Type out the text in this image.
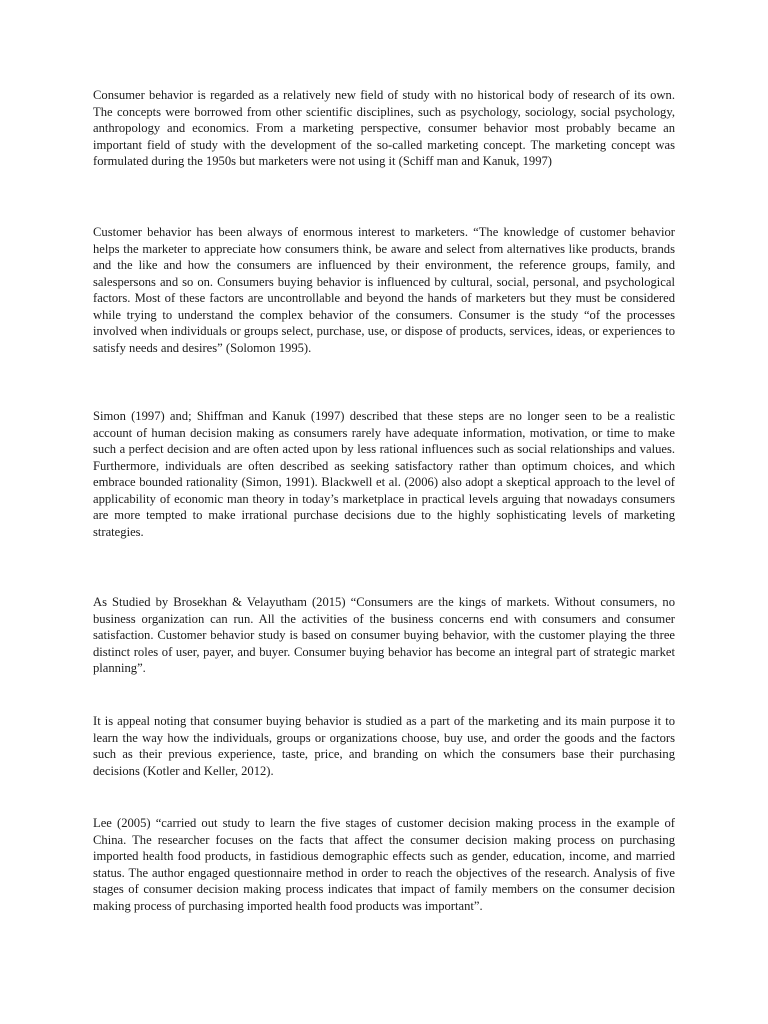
Consumer behavior is regarded as a relatively new field of study with no historical body of research of its own. The concepts were borrowed from other scientific disciplines, such as psychology, sociology, social psychology, anthropology and economics. From a marketing perspective, consumer behavior most probably became an important field of study with the development of the so-called marketing concept. The marketing concept was formulated during the 1950s but marketers were not using it (Schiff man and Kanuk, 1997)

Customer behavior has been always of enormous interest to marketers. “The knowledge of customer behavior helps the marketer to appreciate how consumers think, be aware and select from alternatives like products, brands and the like and how the consumers are influenced by their environment, the reference groups, family, and salespersons and so on. Consumers buying behavior is influenced by cultural, social, personal, and psychological factors. Most of these factors are uncontrollable and beyond the hands of marketers but they must be considered while trying to understand the complex behavior of the consumers. Consumer is the study “of the processes involved when individuals or groups select, purchase, use, or dispose of products, services, ideas, or experiences to satisfy needs and desires” (Solomon 1995).

Simon (1997) and; Shiffman and Kanuk (1997) described that these steps are no longer seen to be a realistic account of human decision making as consumers rarely have adequate information, motivation, or time to make such a perfect decision and are often acted upon by less rational influences such as social relationships and values. Furthermore, individuals are often described as seeking satisfactory rather than optimum choices, and which embrace bounded rationality (Simon, 1991). Blackwell et al. (2006) also adopt a skeptical approach to the level of applicability of economic man theory in today’s marketplace in practical levels arguing that nowadays consumers are more tempted to make irrational purchase decisions due to the highly sophisticating levels of marketing strategies.

As Studied by Brosekhan & Velayutham (2015) “Consumers are the kings of markets. Without consumers, no business organization can run. All the activities of the business concerns end with consumers and consumer satisfaction. Customer behavior study is based on consumer buying behavior, with the customer playing the three distinct roles of user, payer, and buyer. Consumer buying behavior has become an integral part of strategic market planning”.

It is appeal noting that consumer buying behavior is studied as a part of the marketing and its main purpose it to learn the way how the individuals, groups or organizations choose, buy use, and order the goods and the factors such as their previous experience, taste, price, and branding on which the consumers base their purchasing decisions (Kotler and Keller, 2012).

Lee (2005) “carried out study to learn the five stages of customer decision making process in the example of China. The researcher focuses on the facts that affect the consumer decision making process on purchasing imported health food products, in fastidious demographic effects such as gender, education, income, and married status. The author engaged questionnaire method in order to reach the objectives of the research. Analysis of five stages of consumer decision making process indicates that impact of family members on the consumer decision making process of purchasing imported health food products was important”.
